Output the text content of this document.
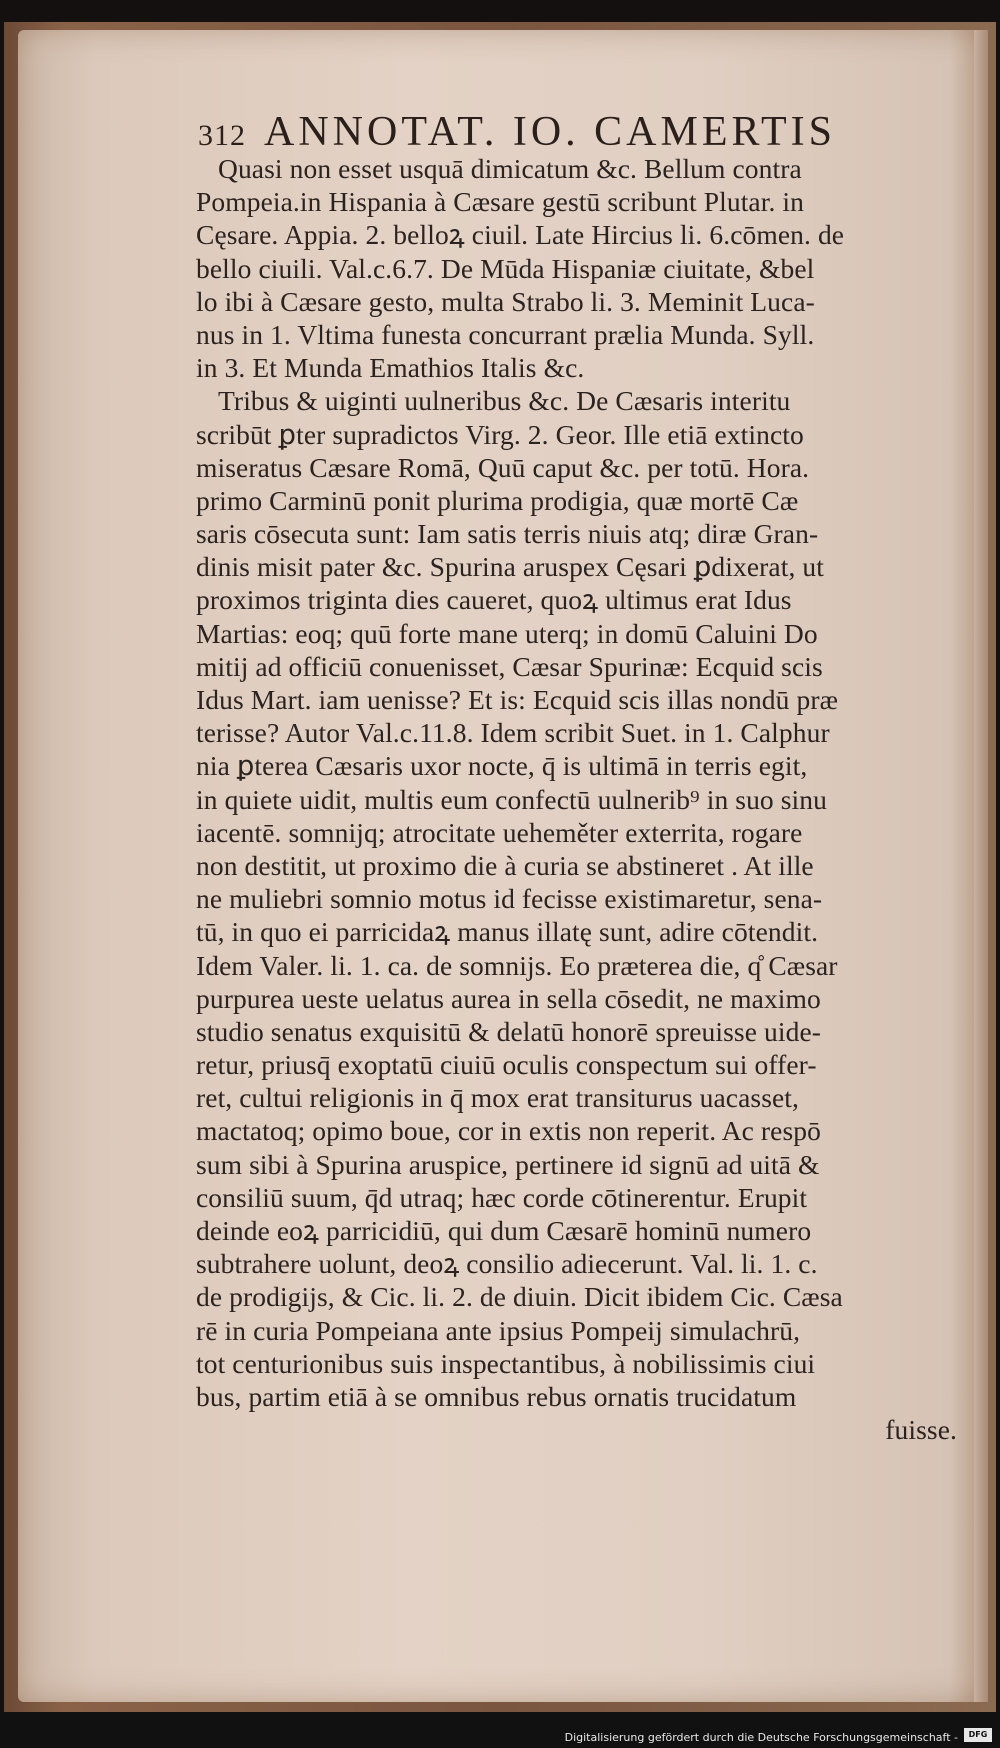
312 ANNOTAT. IO. CAMERTIS
Quasi non esset usquā dimicatum &c. Bellum contra
Pompeia.in Hispania à Cæsare gestū scribunt Plutar. in
Cęsare. Appia. 2. belloꝝ ciuil. Late Hircius li. 6.cōmen. de
bello ciuili. Val.c.6.7. De Mūda Hispaniæ ciuitate, &bel
lo ibi à Cæsare gesto, multa Strabo li. 3. Meminit Luca-
nus in 1. Vltima funesta concurrant prælia Munda. Syll.
in 3. Et Munda Emathios Italis &c.
Tribus & uiginti uulneribus &c. De Cæsaris interitu
scribūt ꝑter supradictos Virg. 2. Geor. Ille etiā extincto
miseratus Cæsare Romā, Quū caput &c. per totū. Hora.
primo Carminū ponit plurima prodigia, quæ mortē Cæ
saris cōsecuta sunt: Iam satis terris niuis atq; diræ Gran-
dinis misit pater &c. Spurina aruspex Cęsari ꝑdixerat, ut
proximos triginta dies caueret, quoꝝ ultimus erat Idus
Martias: eoq; quū forte mane uterq; in domū Caluini Do
mitij ad officiū conuenisset, Cæsar Spurinæ: Ecquid scis
Idus Mart. iam uenisse? Et is: Ecquid scis illas nondū præ
terisse? Autor Val.c.11.8. Idem scribit Suet. in 1. Calphur
nia ꝑterea Cæsaris uxor nocte, q̄ is ultimā in terris egit,
in quiete uidit, multis eum confectū uulnerib⁹ in suo sinu
iacentē. somnijq; atrocitate ueheměter exterrita, rogare
non destitit, ut proximo die à curia se abstineret . At ille
ne muliebri somnio motus id fecisse existimaretur, sena-
tū, in quo ei parricidaꝝ manus illatę sunt, adire cōtendit.
Idem Valer. li. 1. ca. de somnijs. Eo præterea die, q̊ Cæsar
purpurea ueste uelatus aurea in sella cōsedit, ne maximo
studio senatus exquisitū & delatū honorē spreuisse uide-
retur, priusq̄ exoptatū ciuiū oculis conspectum sui offer-
ret, cultui religionis in q̄ mox erat transiturus uacasset,
mactatoq; opimo boue, cor in extis non reperit. Ac respō
sum sibi à Spurina aruspice, pertinere id signū ad uitā &
consiliū suum, q̄d utraq; hæc corde cōtinerentur. Erupit
deinde eoꝝ parricidiū, qui dum Cæsarē hominū numero
subtrahere uolunt, deoꝝ consilio adiecerunt. Val. li. 1. c.
de prodigijs, & Cic. li. 2. de diuin. Dicit ibidem Cic. Cæsa
rē in curia Pompeiana ante ipsius Pompeij simulachrū,
tot centurionibus suis inspectantibus, à nobilissimis ciui
bus, partim etiā à se omnibus rebus ornatis trucidatum
fuisse.
Digitalisierung gefördert durch die Deutsche Forschungsgemeinschaft -	DFG
